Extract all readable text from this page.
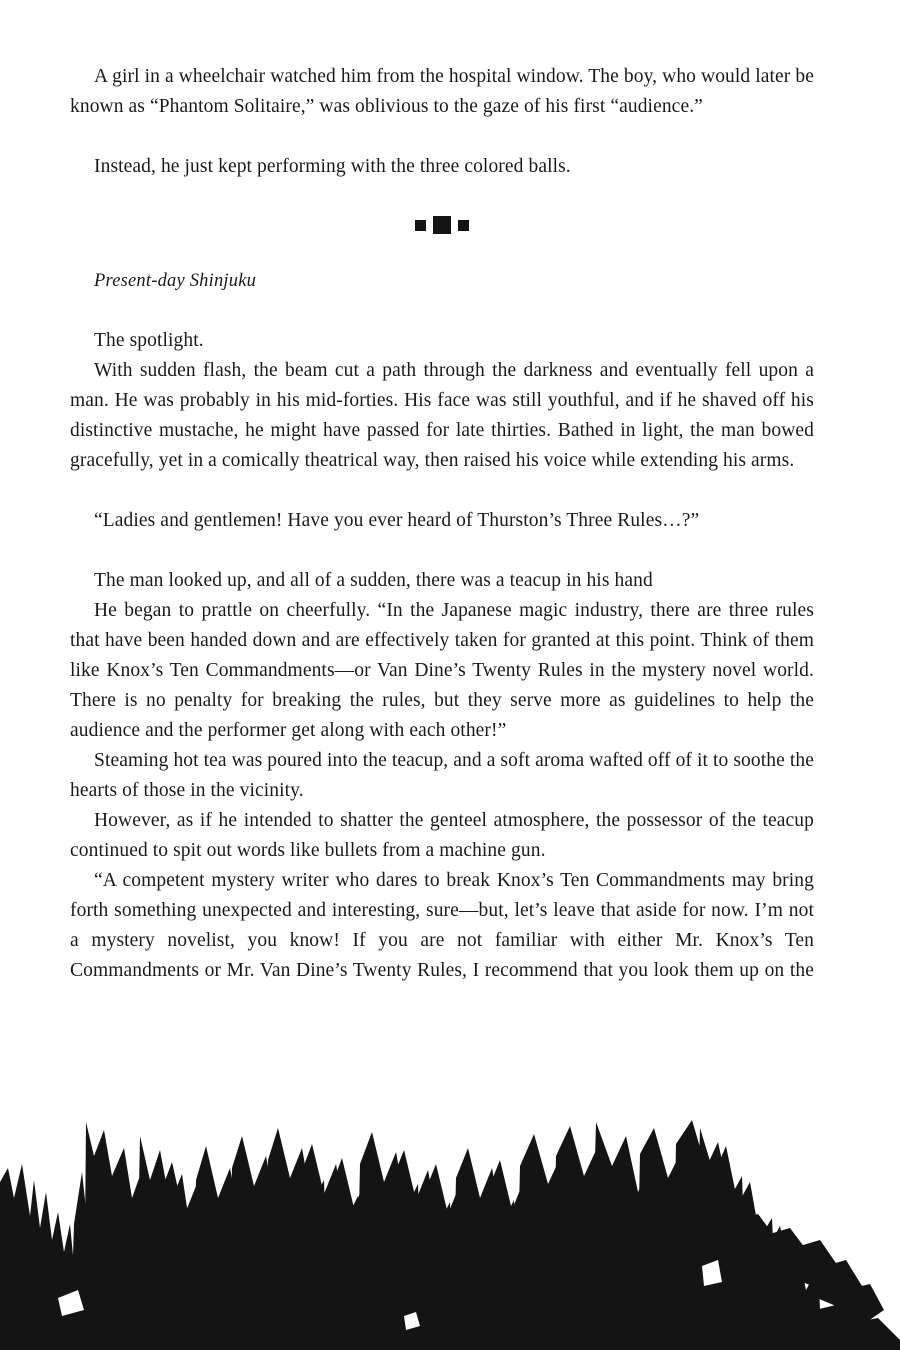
A girl in a wheelchair watched him from the hospital window. The boy, who would later be known as “Phantom Solitaire,” was oblivious to the gaze of his first “audience.”

Instead, he just kept performing with the three colored balls.

Present-day Shinjuku

The spotlight.

With sudden flash, the beam cut a path through the darkness and eventually fell upon a man. He was probably in his mid-forties. His face was still youthful, and if he shaved off his distinctive mustache, he might have passed for late thirties. Bathed in light, the man bowed gracefully, yet in a comically theatrical way, then raised his voice while extending his arms.

“Ladies and gentlemen! Have you ever heard of Thurston’s Three Rules…?”

The man looked up, and all of a sudden, there was a teacup in his hand

He began to prattle on cheerfully. “In the Japanese magic industry, there are three rules that have been handed down and are effectively taken for granted at this point. Think of them like Knox’s Ten Commandments—or Van Dine’s Twenty Rules in the mystery novel world. There is no penalty for breaking the rules, but they serve more as guidelines to help the audience and the performer get along with each other!”

Steaming hot tea was poured into the teacup, and a soft aroma wafted off of it to soothe the hearts of those in the vicinity.

However, as if he intended to shatter the genteel atmosphere, the possessor of the teacup continued to spit out words like bullets from a machine gun.

“A competent mystery writer who dares to break Knox’s Ten Commandments may bring forth something unexpected and interesting, sure—but, let’s leave that aside for now. I’m not a mystery novelist, you know! If you are not familiar with either Mr. Knox’s Ten Commandments or Mr. Van Dine’s Twenty Rules, I recommend that you look them up on the
